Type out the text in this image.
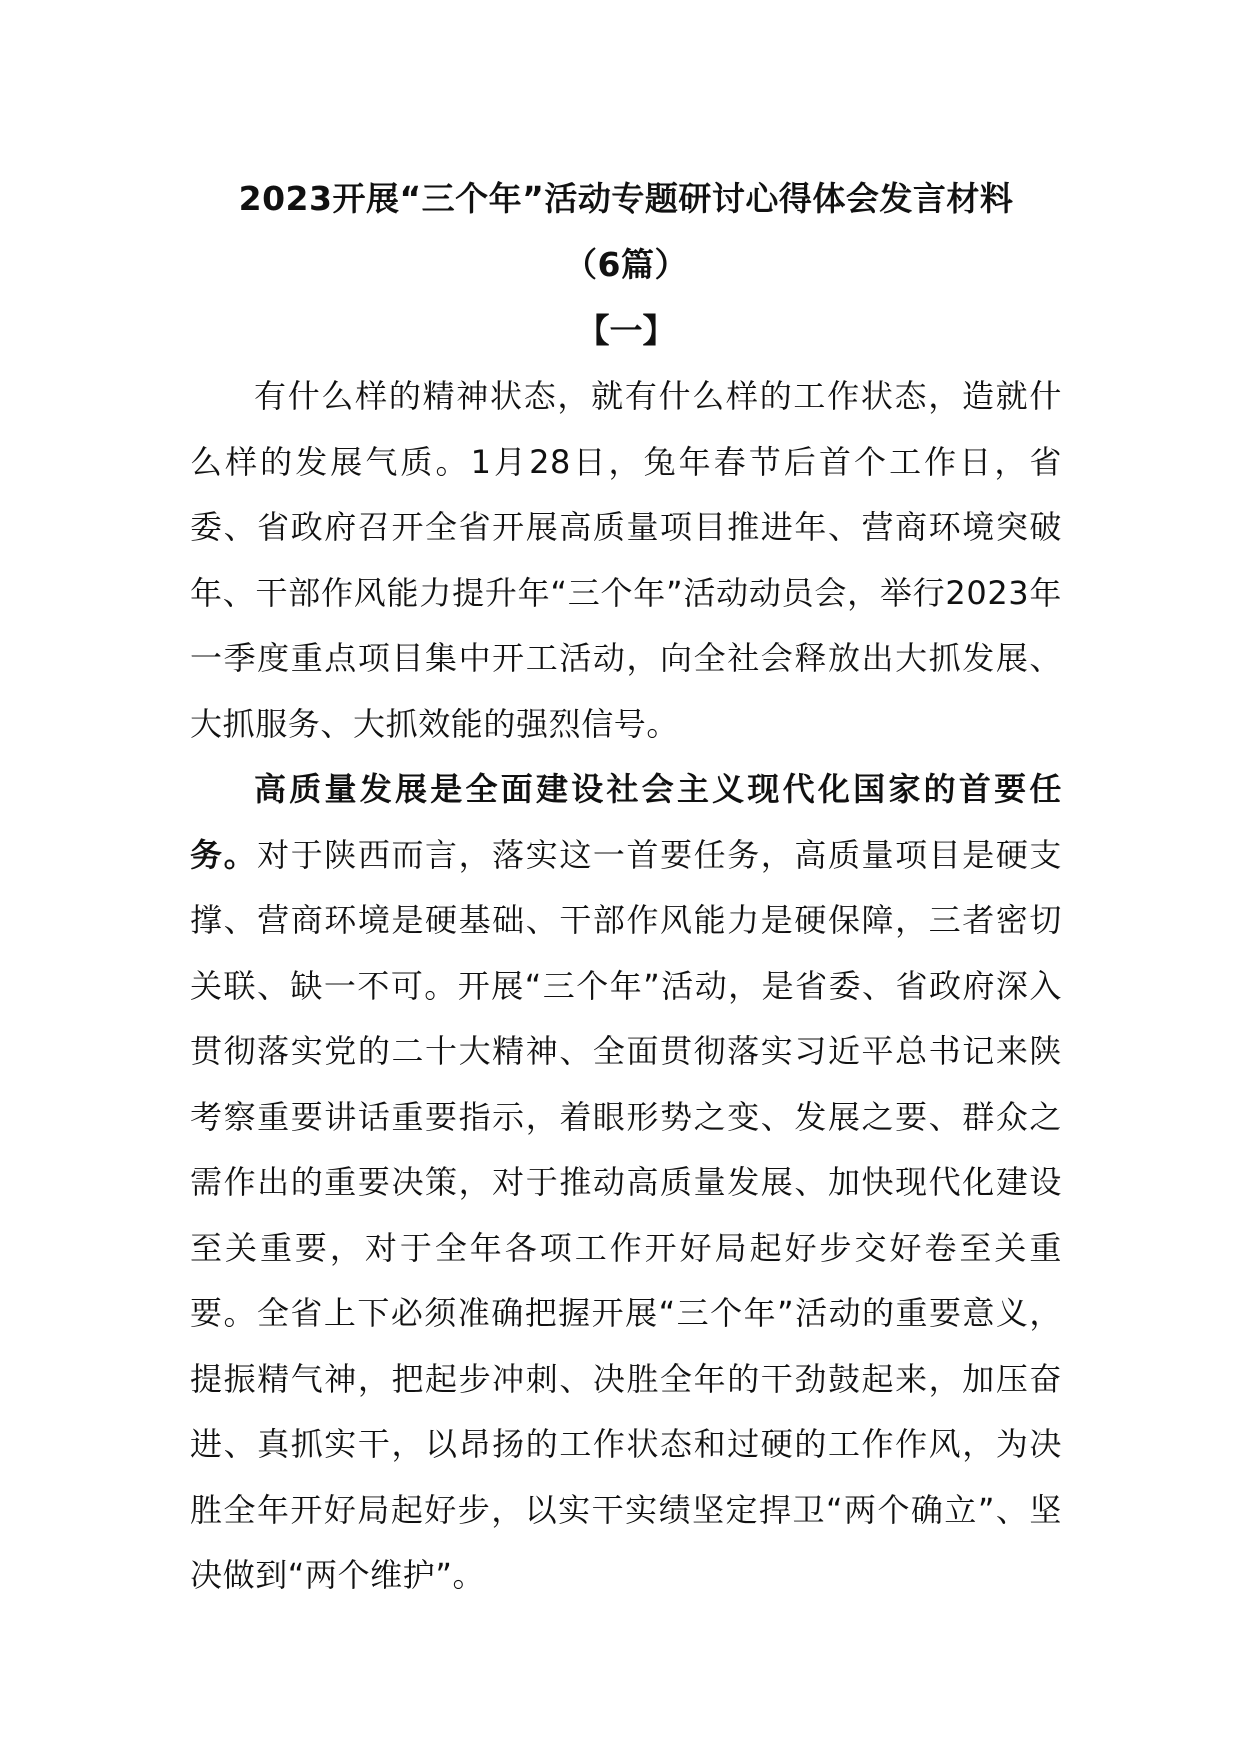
2023开展“三个年”活动专题研讨心得体会发言材料
（6篇）
【一】

有什么样的精神状态，就有什么样的工作状态，造就什么样的发展气质。1月28日，兔年春节后首个工作日，省委、省政府召开全省开展高质量项目推进年、营商环境突破年、干部作风能力提升年“三个年”活动动员会，举行2023年一季度重点项目集中开工活动，向全社会释放出大抓发展、大抓服务、大抓效能的强烈信号。

高质量发展是全面建设社会主义现代化国家的首要任务。对于陕西而言，落实这一首要任务，高质量项目是硬支撑、营商环境是硬基础、干部作风能力是硬保障，三者密切关联、缺一不可。开展“三个年”活动，是省委、省政府深入贯彻落实党的二十大精神、全面贯彻落实习近平总书记来陕考察重要讲话重要指示，着眼形势之变、发展之要、群众之需作出的重要决策，对于推动高质量发展、加快现代化建设至关重要，对于全年各项工作开好局起好步交好卷至关重要。全省上下必须准确把握开展“三个年”活动的重要意义，提振精气神，把起步冲刺、决胜全年的干劲鼓起来，加压奋进、真抓实干，以昂扬的工作状态和过硬的工作作风，为决胜全年开好局起好步，以实干实绩坚定捍卫“两个确立”、坚决做到“两个维护”。
